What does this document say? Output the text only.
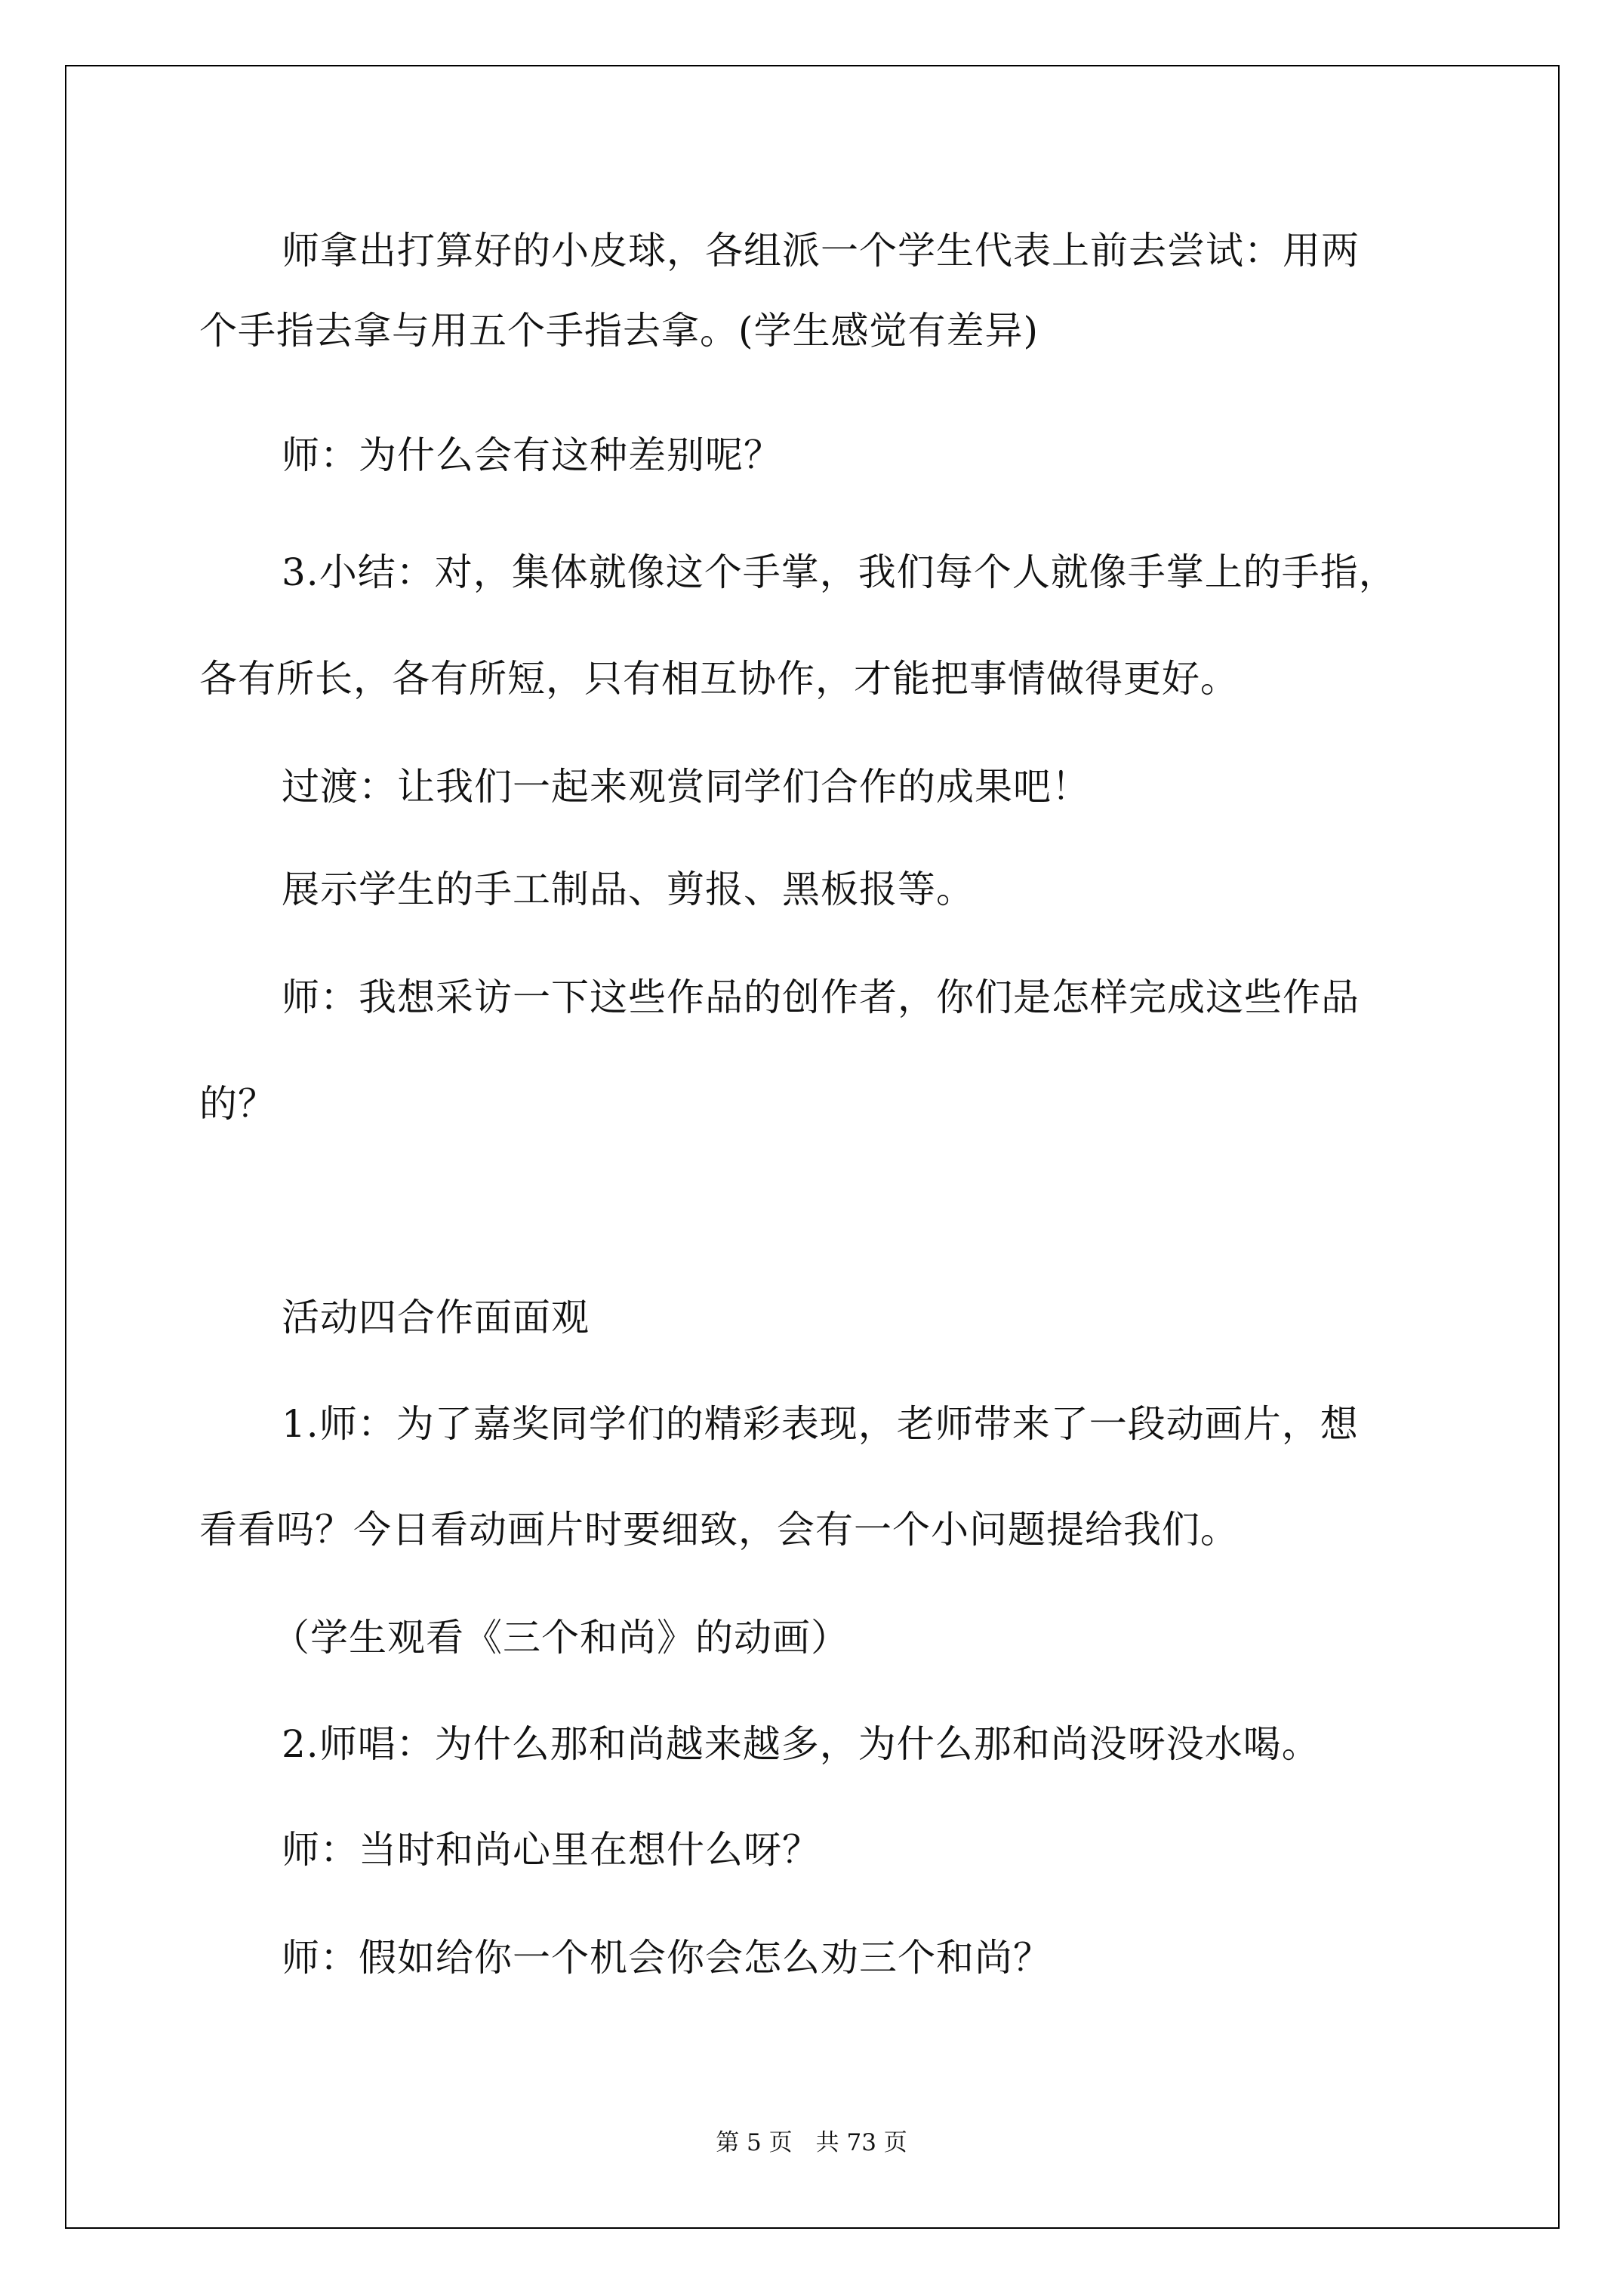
师拿出打算好的小皮球，各组派一个学生代表上前去尝试：用两
个手指去拿与用五个手指去拿。(学生感觉有差异)
师：为什么会有这种差别呢？
3.小结：对，集体就像这个手掌，我们每个人就像手掌上的手指，
各有所长，各有所短，只有相互协作，才能把事情做得更好。
过渡：让我们一起来观赏同学们合作的成果吧！
展示学生的手工制品、剪报、黑板报等。
师：我想采访一下这些作品的创作者，你们是怎样完成这些作品
的？
活动四合作面面观
1.师：为了嘉奖同学们的精彩表现，老师带来了一段动画片，想
看看吗？今日看动画片时要细致，会有一个小问题提给我们。
（学生观看《三个和尚》的动画）
2.师唱：为什么那和尚越来越多，为什么那和尚没呀没水喝。
师：当时和尚心里在想什么呀？
师：假如给你一个机会你会怎么劝三个和尚？
第 5 页　共 73 页
